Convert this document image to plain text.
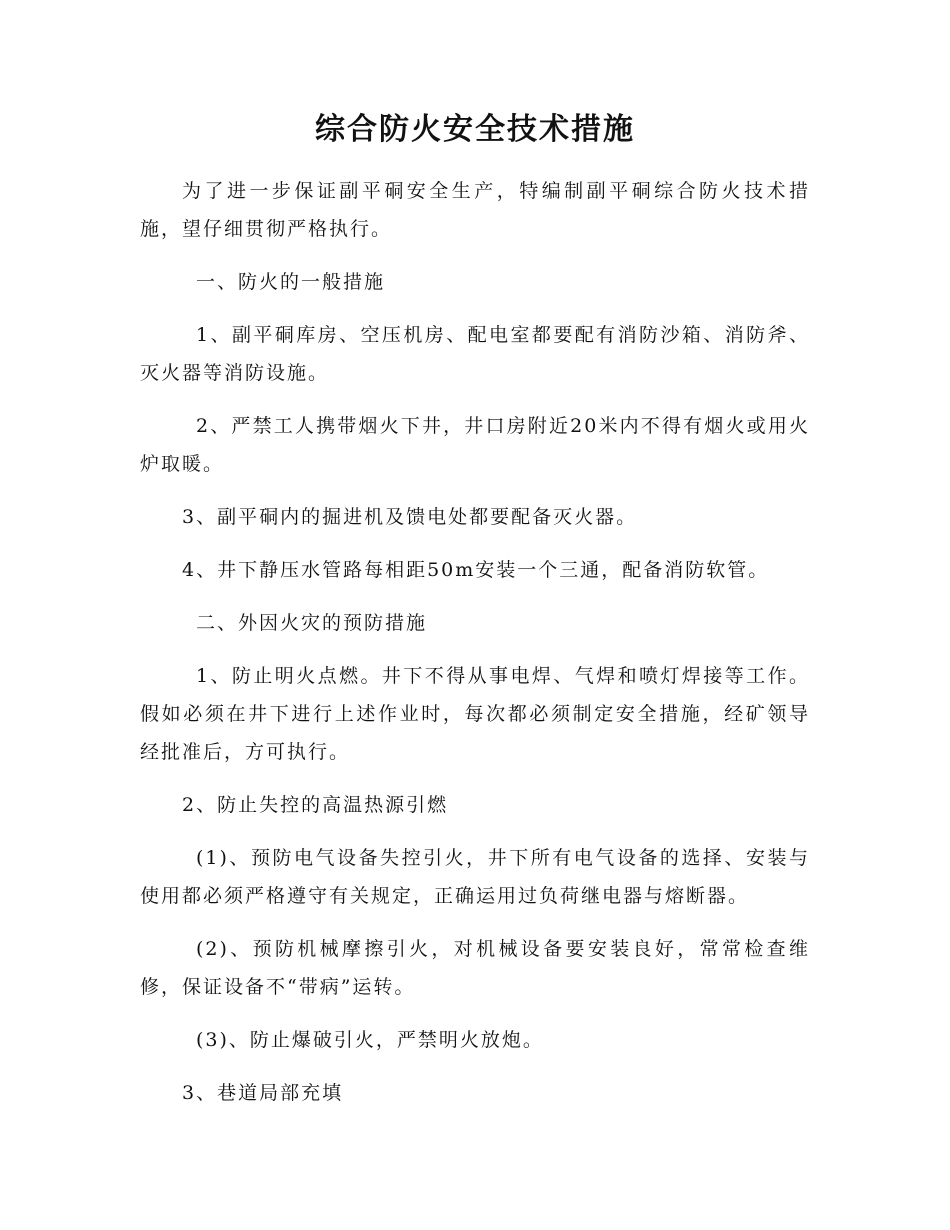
综合防火安全技术措施

为了进一步保证副平硐安全生产，特编制副平硐综合防火技术措施，望仔细贯彻严格执行。

一、防火的一般措施

1、副平硐库房、空压机房、配电室都要配有消防沙箱、消防斧、灭火器等消防设施。

2、严禁工人携带烟火下井，井口房附近20米内不得有烟火或用火炉取暖。

3、副平硐内的掘进机及馈电处都要配备灭火器。

4、井下静压水管路每相距50m安装一个三通，配备消防软管。

二、外因火灾的预防措施

1、防止明火点燃。井下不得从事电焊、气焊和喷灯焊接等工作。假如必须在井下进行上述作业时，每次都必须制定安全措施，经矿领导经批准后，方可执行。

2、防止失控的高温热源引燃

(1)、预防电气设备失控引火，井下所有电气设备的选择、安装与使用都必须严格遵守有关规定，正确运用过负荷继电器与熔断器。

(2)、预防机械摩擦引火，对机械设备要安装良好，常常检查维修，保证设备不“带病”运转。

(3)、防止爆破引火，严禁明火放炮。

3、巷道局部充填
